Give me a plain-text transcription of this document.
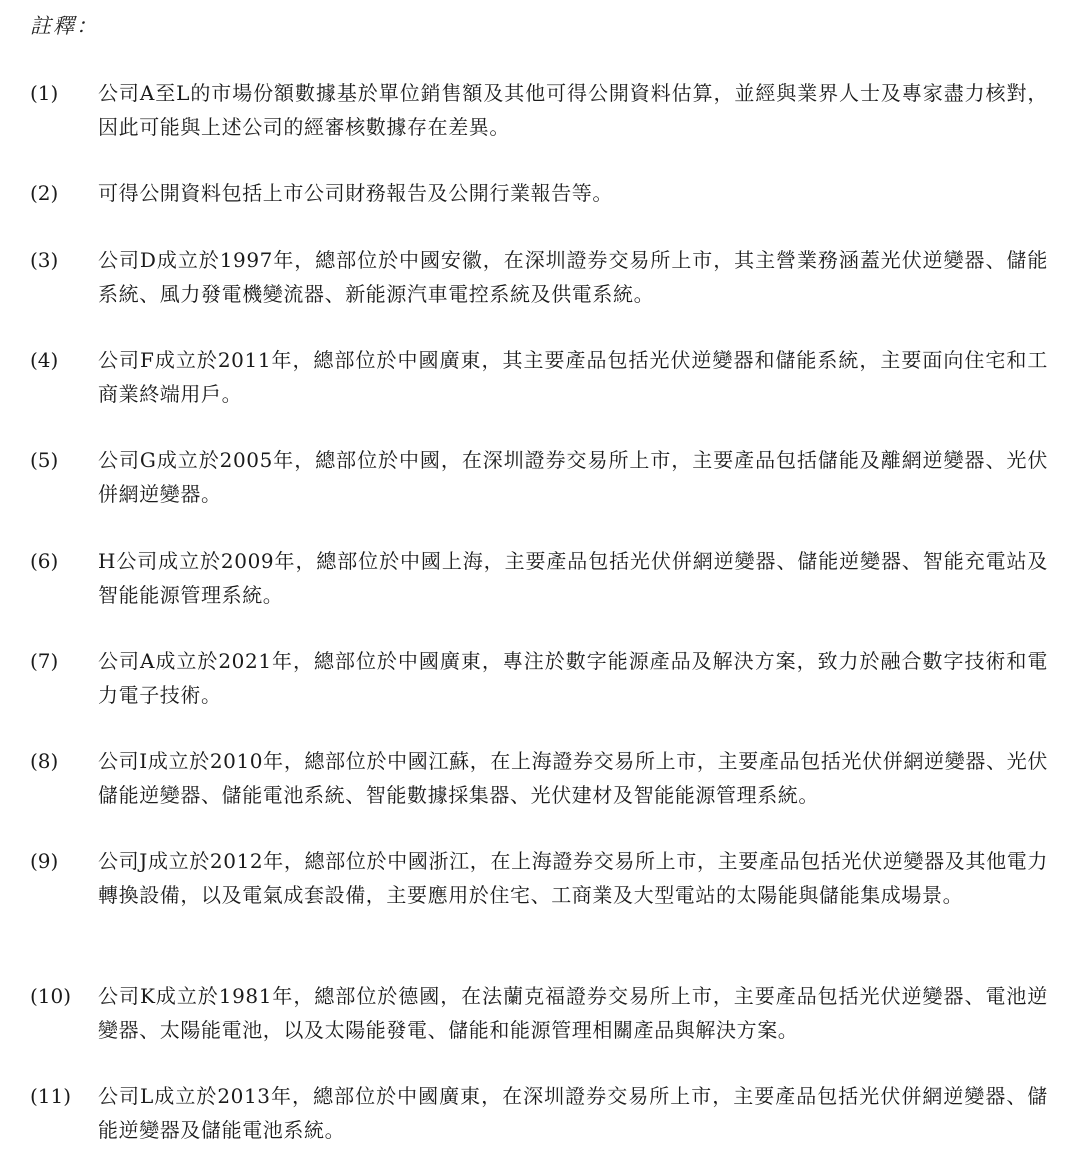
註釋：
(1) 公司A至L的市場份額數據基於單位銷售額及其他可得公開資料估算，並經與業界人士及專家盡力核對，因此可能與上述公司的經審核數據存在差異。
(2) 可得公開資料包括上市公司財務報告及公開行業報告等。
(3) 公司D成立於1997年，總部位於中國安徽，在深圳證券交易所上市，其主營業務涵蓋光伏逆變器、儲能系統、風力發電機變流器、新能源汽車電控系統及供電系統。
(4) 公司F成立於2011年，總部位於中國廣東，其主要產品包括光伏逆變器和儲能系統，主要面向住宅和工商業終端用戶。
(5) 公司G成立於2005年，總部位於中國，在深圳證券交易所上市，主要產品包括儲能及離網逆變器、光伏併網逆變器。
(6) H公司成立於2009年，總部位於中國上海，主要產品包括光伏併網逆變器、儲能逆變器、智能充電站及智能能源管理系統。
(7) 公司A成立於2021年，總部位於中國廣東，專注於數字能源產品及解決方案，致力於融合數字技術和電力電子技術。
(8) 公司I成立於2010年，總部位於中國江蘇，在上海證券交易所上市，主要產品包括光伏併網逆變器、光伏儲能逆變器、儲能電池系統、智能數據採集器、光伏建材及智能能源管理系統。
(9) 公司J成立於2012年，總部位於中國浙江，在上海證券交易所上市，主要產品包括光伏逆變器及其他電力轉換設備，以及電氣成套設備，主要應用於住宅、工商業及大型電站的太陽能與儲能集成場景。
(10) 公司K成立於1981年，總部位於德國，在法蘭克福證券交易所上市，主要產品包括光伏逆變器、電池逆變器、太陽能電池，以及太陽能發電、儲能和能源管理相關產品與解決方案。
(11) 公司L成立於2013年，總部位於中國廣東，在深圳證券交易所上市，主要產品包括光伏併網逆變器、儲能逆變器及儲能電池系統。
